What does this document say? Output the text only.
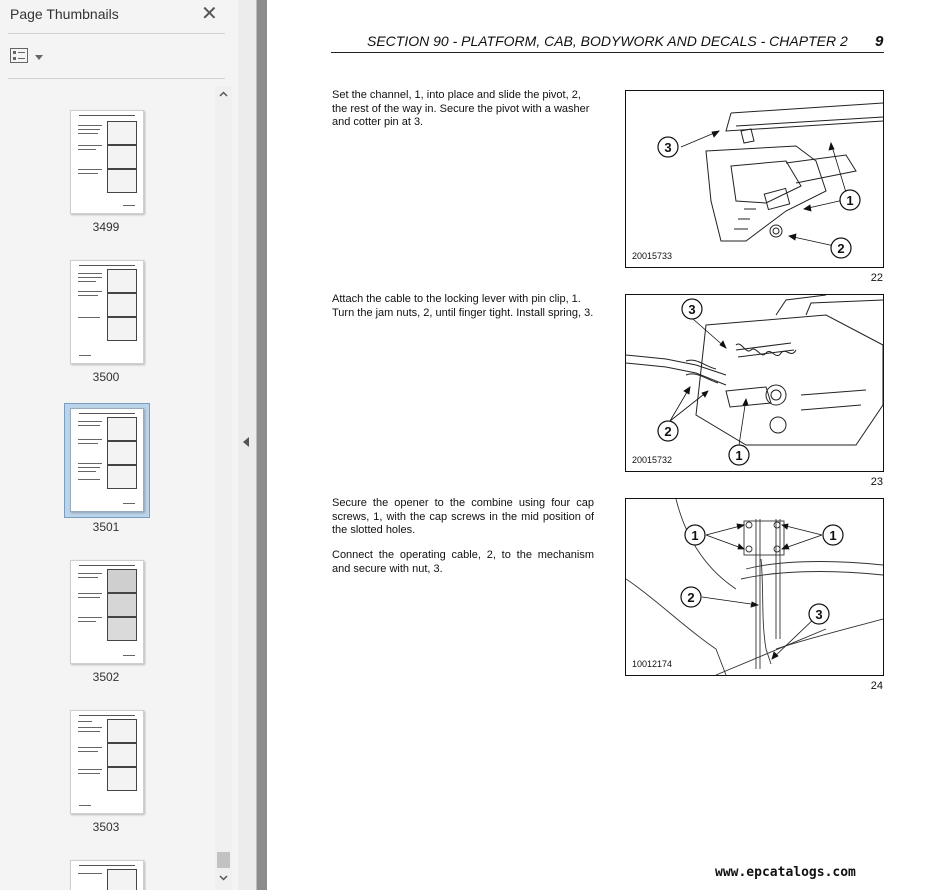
Page Thumbnails	✕
3499
3500
3501
3502
3503
SECTION 90 - PLATFORM, CAB, BODYWORK AND DECALS - CHAPTER 2 9
Set the channel, 1, into place and slide the pivot, 2, the rest of the way in. Secure the pivot with a washer and cotter pin at 3.
3
1
2
20015733
22
Attach the cable to the locking lever with pin clip, 1. Turn the jam nuts, 2, until finger tight. Install spring, 3.	3
2
1
20015732
23
Secure the opener to the combine using four cap screws, 1, with the cap screws in the mid position of the slotted holes.
Connect the operating cable, 2, to the mechanism and secure with nut, 3.
1	1
2
3
10012174
24
www.epcatalogs.com
